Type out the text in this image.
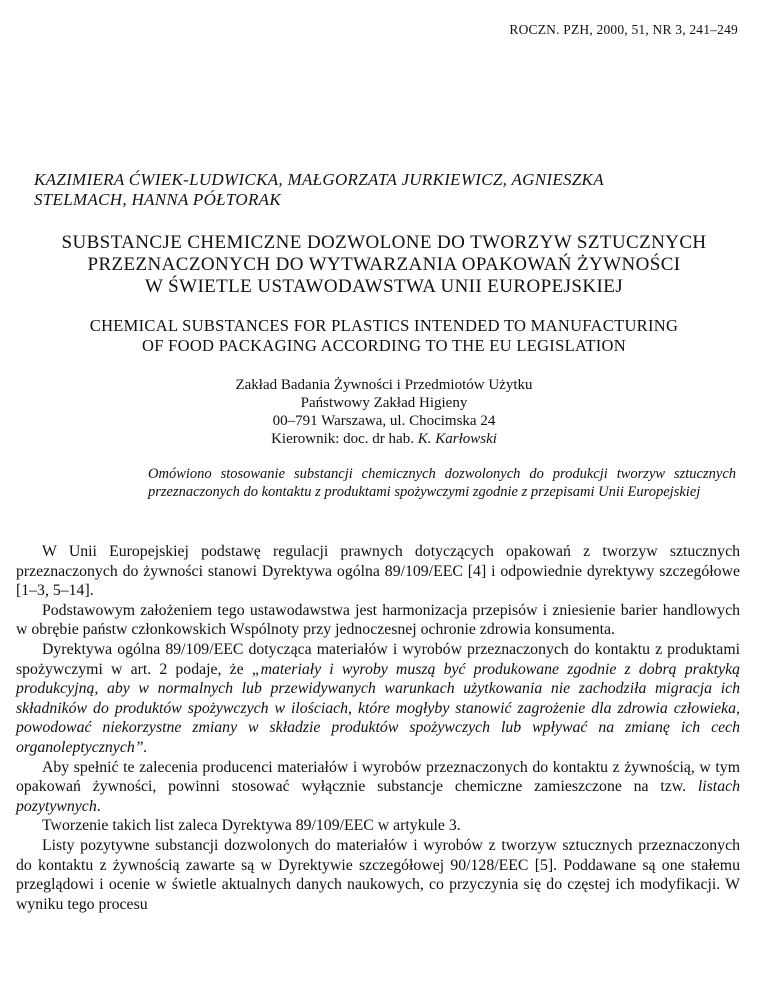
ROCZN. PZH, 2000, 51, NR 3, 241–249
KAZIMIERA ĆWIEK-LUDWICKA, MAŁGORZATA JURKIEWICZ, AGNIESZKA
STELMACH, HANNA PÓŁTORAK
SUBSTANCJE CHEMICZNE DOZWOLONE DO TWORZYW SZTUCZNYCH
PRZEZNACZONYCH DO WYTWARZANIA OPAKOWAŃ ŻYWNOŚCI
W ŚWIETLE USTAWODAWSTWA UNII EUROPEJSKIEJ
CHEMICAL SUBSTANCES FOR PLASTICS INTENDED TO MANUFACTURING
OF FOOD PACKAGING ACCORDING TO THE EU LEGISLATION
Zakład Badania Żywności i Przedmiotów Użytku
Państwowy Zakład Higieny
00–791 Warszawa, ul. Chocimska 24
Kierownik: doc. dr hab. K. Karłowski
Omówiono stosowanie substancji chemicznych dozwolonych do produkcji tworzyw sztucznych przeznaczonych do kontaktu z produktami spożywczymi zgodnie z przepisami Unii Europejskiej

W Unii Europejskiej podstawę regulacji prawnych dotyczących opakowań z tworzyw sztucznych przeznaczonych do żywności stanowi Dyrektywa ogólna 89/109/EEC [4] i odpowiednie dyrektywy szczegółowe [1–3, 5–14].

Podstawowym założeniem tego ustawodawstwa jest harmonizacja przepisów i zniesienie barier handlowych w obrębie państw członkowskich Wspólnoty przy jednoczesnej ochronie zdrowia konsumenta.

Dyrektywa ogólna 89/109/EEC dotycząca materiałów i wyrobów przeznaczonych do kontaktu z produktami spożywczymi w art. 2 podaje, że „materiały i wyroby muszą być produkowane zgodnie z dobrą praktyką produkcyjną, aby w normalnych lub przewidywanych warunkach użytkowania nie zachodziła migracja ich składników do produktów spożywczych w ilościach, które mogłyby stanowić zagrożenie dla zdrowia człowieka, powodować niekorzystne zmiany w składzie produktów spożywczych lub wpływać na zmianę ich cech organoleptycznych”.

Aby spełnić te zalecenia producenci materiałów i wyrobów przeznaczonych do kontaktu z żywnością, w tym opakowań żywności, powinni stosować wyłącznie substancje chemiczne zamieszczone na tzw. listach pozytywnych.

Tworzenie takich list zaleca Dyrektywa 89/109/EEC w artykule 3.

Listy pozytywne substancji dozwolonych do materiałów i wyrobów z tworzyw sztucznych przeznaczonych do kontaktu z żywnością zawarte są w Dyrektywie szczegółowej 90/128/EEC [5]. Poddawane są one stałemu przeglądowi i ocenie w świetle aktualnych danych naukowych, co przyczynia się do częstej ich modyfikacji. W wyniku tego procesu
